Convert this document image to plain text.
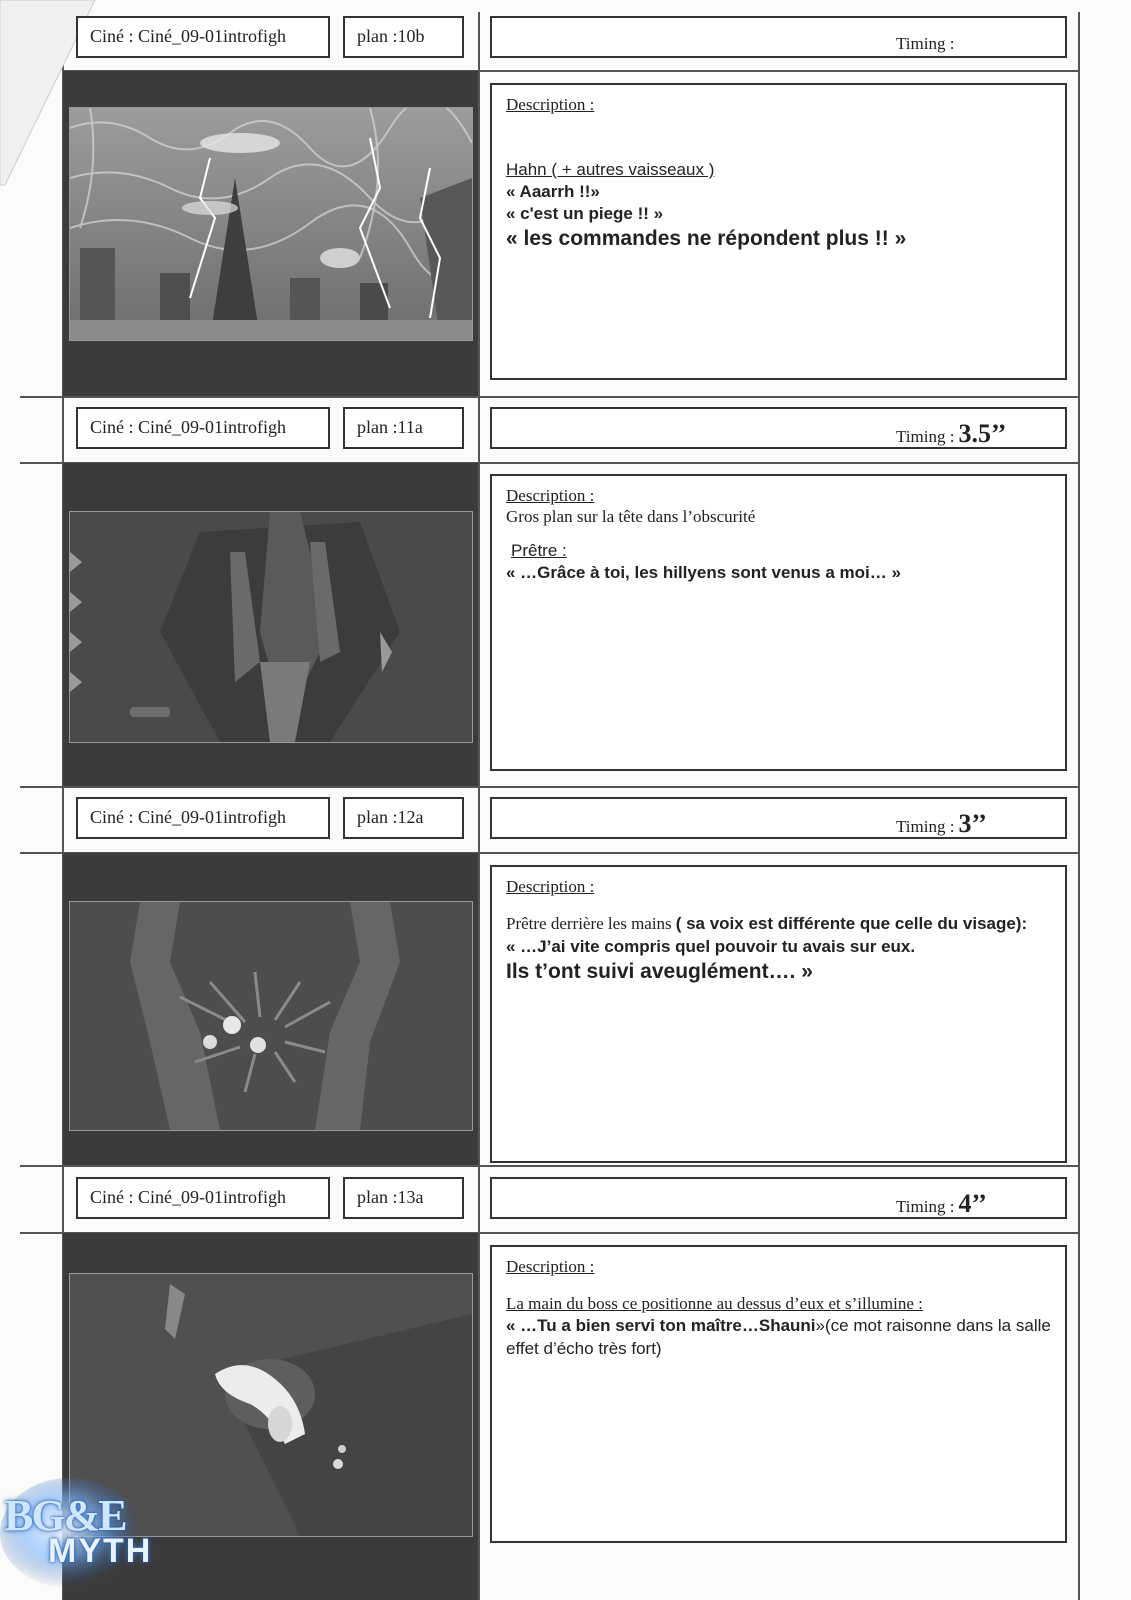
Ciné : Ciné_09-01introfigh	plan :10b	Timing :
Description :
Hahn ( + autres vaisseaux )
« Aaarrh !!»
« c'est un piege !! »
« les commandes ne répondent plus !! »
Ciné : Ciné_09-01introfigh	plan :11a	Timing : 3.5’’
Description :
Gros plan sur la tête dans l’obscurité
Prêtre :
« …Grâce à toi, les hillyens sont venus a moi… »
Ciné : Ciné_09-01introfigh	plan :12a	Timing : 3’’
Description :
Prêtre derrière les mains ( sa voix est différente que celle du visage):
« …J’ai vite compris quel pouvoir tu avais sur eux.
Ils t’ont suivi aveuglément…. »
Ciné : Ciné_09-01introfigh	plan :13a	Timing : 4’’
Description :
La main du boss ce positionne au dessus d’eux et s’illumine :
« …Tu a bien servi ton maître…Shauni»(ce mot raisonne dans la salle effet d’écho très fort)
BG&E
MYTH
